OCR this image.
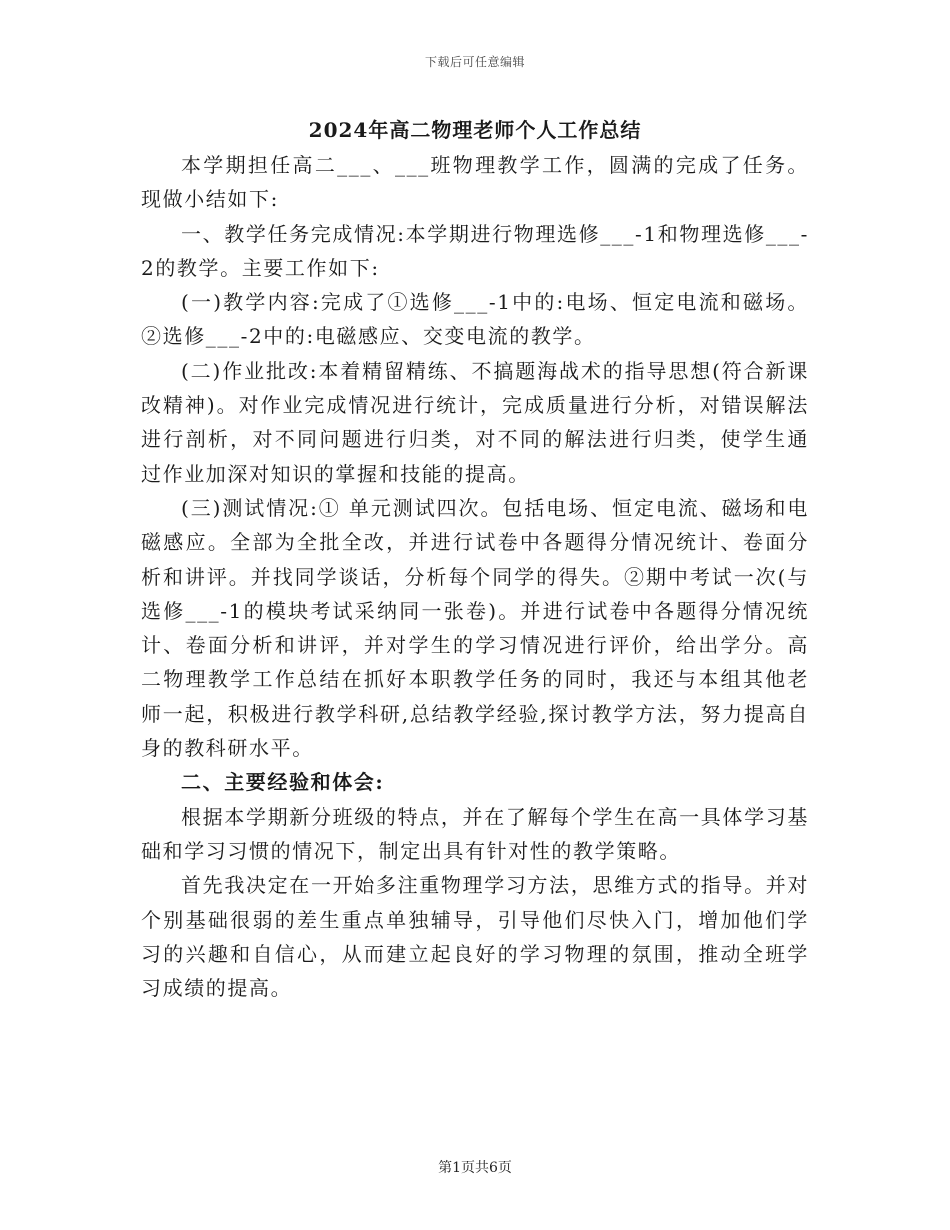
下载后可任意编辑
2024年高二物理老师个人工作总结

本学期担任高二___、___班物理教学工作，圆满的完成了任务。现做小结如下:

一、教学任务完成情况:本学期进行物理选修___-1和物理选修___-2的教学。主要工作如下:

(一)教学内容:完成了①选修___-1中的:电场、恒定电流和磁场。②选修___-2中的:电磁感应、交变电流的教学。

(二)作业批改:本着精留精练、不搞题海战术的指导思想(符合新课改精神)。对作业完成情况进行统计，完成质量进行分析，对错误解法进行剖析，对不同问题进行归类，对不同的解法进行归类，使学生通过作业加深对知识的掌握和技能的提高。

(三)测试情况:① 单元测试四次。包括电场、恒定电流、磁场和电磁感应。全部为全批全改，并进行试卷中各题得分情况统计、卷面分析和讲评。并找同学谈话，分析每个同学的得失。②期中考试一次(与选修___-1的模块考试采纳同一张卷)。并进行试卷中各题得分情况统计、卷面分析和讲评，并对学生的学习情况进行评价，给出学分。高二物理教学工作总结在抓好本职教学任务的同时，我还与本组其他老师一起，积极进行教学科研,总结教学经验,探讨教学方法，努力提高自身的教科研水平。

二、主要经验和体会:

根据本学期新分班级的特点，并在了解每个学生在高一具体学习基础和学习习惯的情况下，制定出具有针对性的教学策略。

首先我决定在一开始多注重物理学习方法，思维方式的指导。并对个别基础很弱的差生重点单独辅导，引导他们尽快入门，增加他们学习的兴趣和自信心，从而建立起良好的学习物理的氛围，推动全班学习成绩的提高。

第1页共6页
